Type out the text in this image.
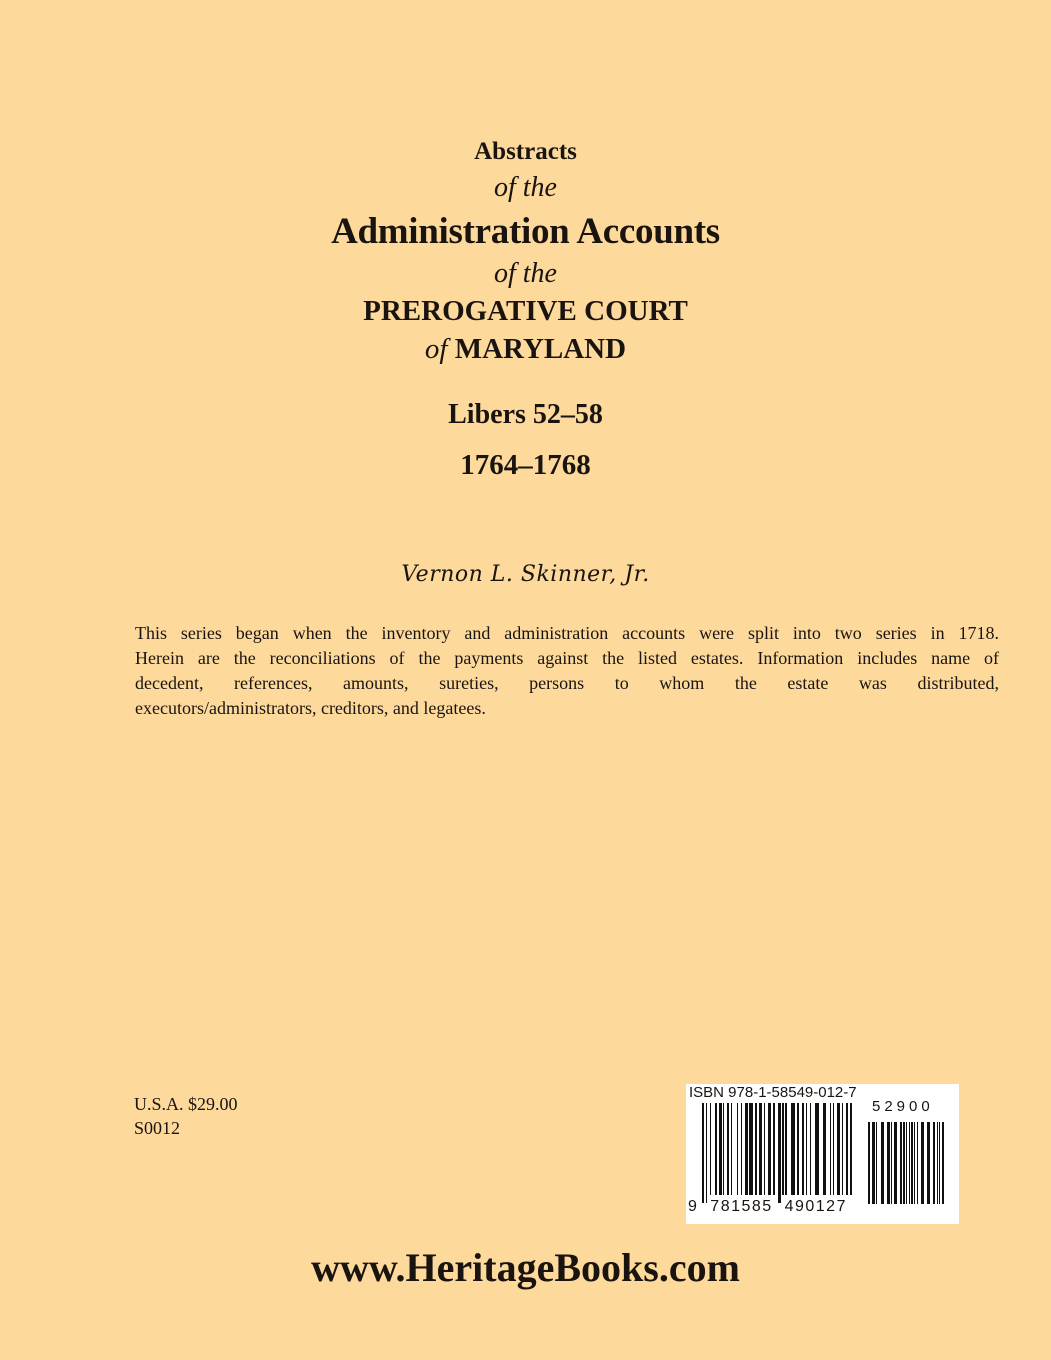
Abstracts
of the
Administration Accounts
of the
PREROGATIVE COURT
of MARYLAND
Libers 52–58
1764–1768
Vernon L. Skinner, Jr.
This series began when the inventory and administration accounts were split into two series in 1718.
Herein are the reconciliations of the payments against the listed estates. Information includes name of
decedent, references, amounts, sureties, persons to whom the estate was distributed,
executors/administrators, creditors, and legatees.
U.S.A. $29.00
S0012
ISBN 978-1-58549-012-7
52900
9  781585  490127
www.HeritageBooks.com
